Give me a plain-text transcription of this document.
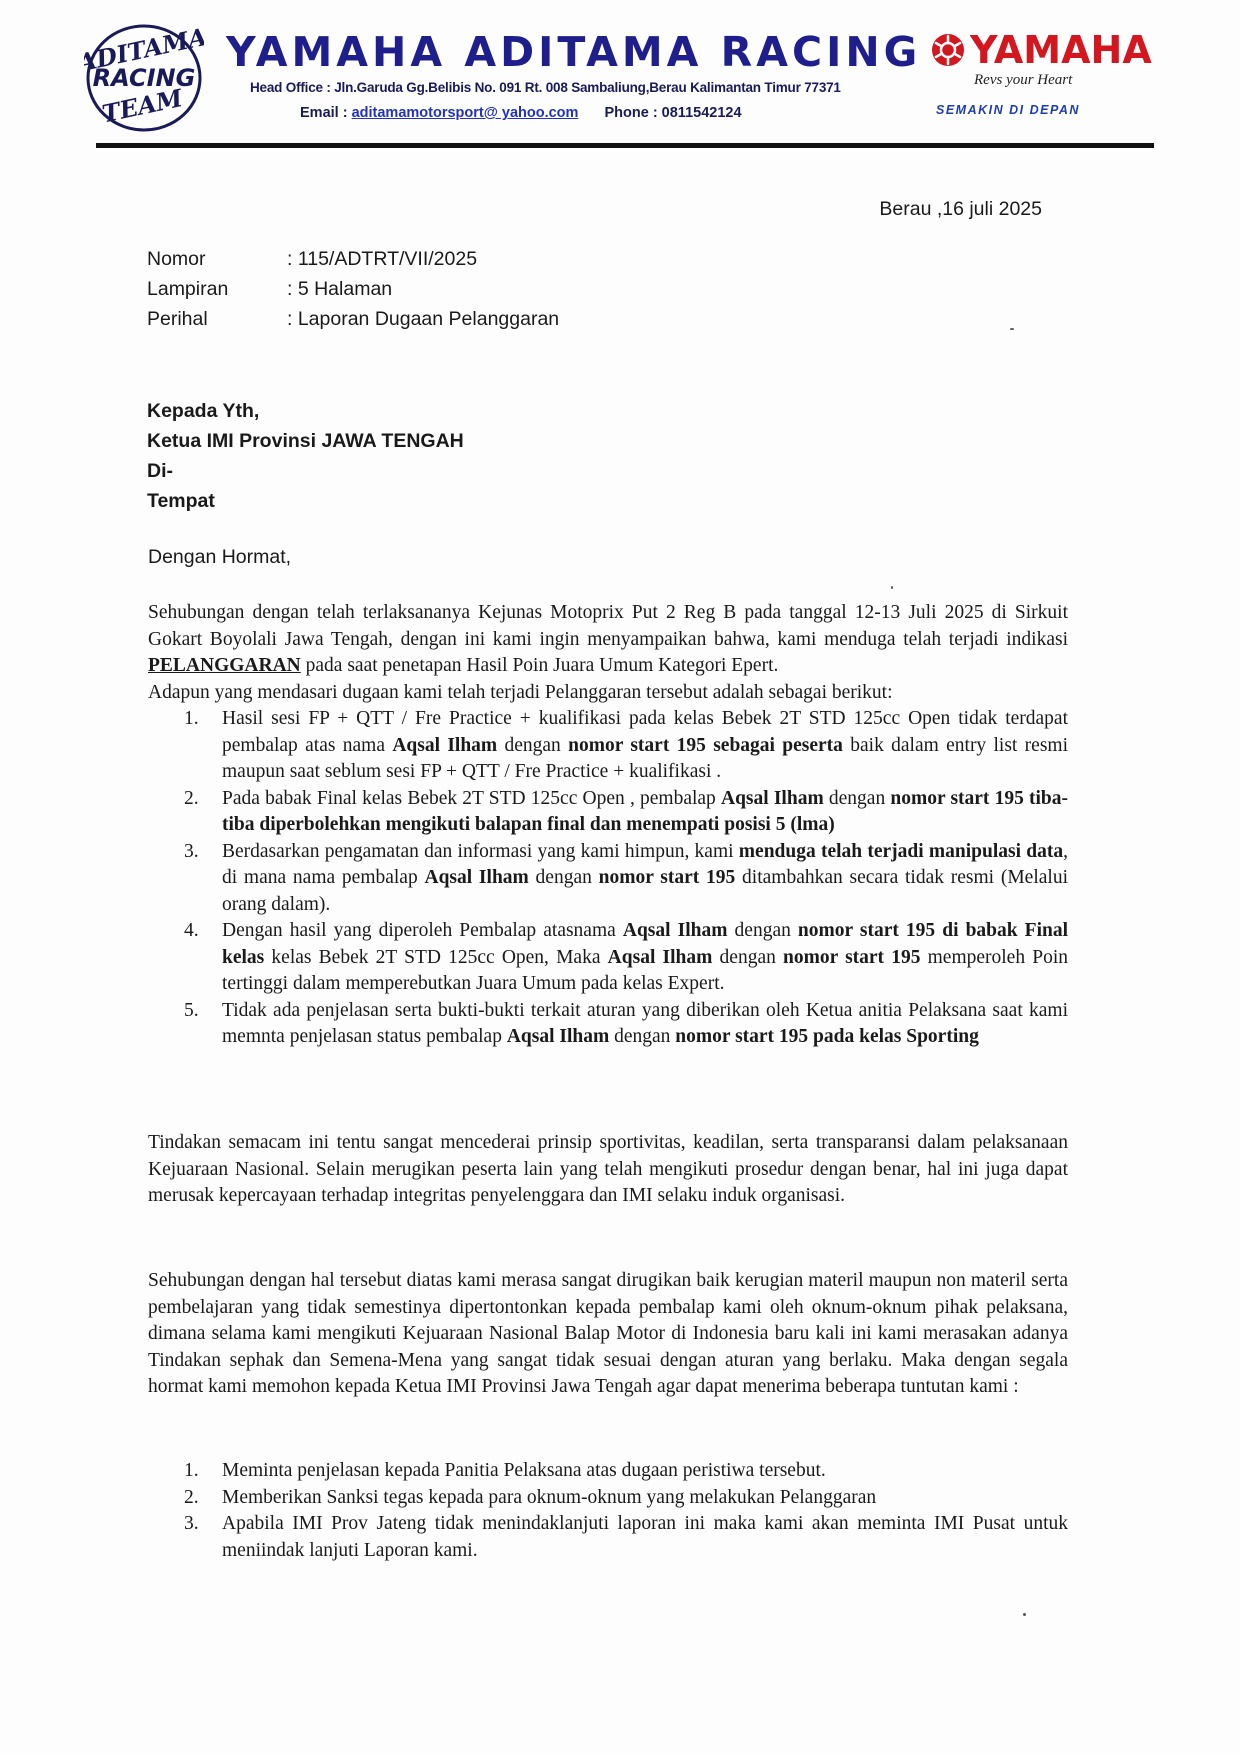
ADITAMA
RACING
TEAM
YAMAHA ADITAMA RACING
Head Office : Jln.Garuda Gg.Belibis No. 091 Rt. 008 Sambaliung,Berau Kalimantan Timur 77371
Email : aditamamotorsport@ yahoo.com Phone : 0811542124
YAMAHA
Revs your Heart
SEMAKIN DI DEPAN
Berau ,16 juli 2025
Nomor	: 115/ADTRT/VII/2025
Lampiran	: 5 Halaman
Perihal	: Laporan Dugaan Pelanggaran
Kepada Yth,
Ketua IMI Provinsi JAWA TENGAH
Di-
Tempat
Dengan Hormat,
Sehubungan dengan telah terlaksananya Kejunas Motoprix Put 2 Reg B pada tanggal 12-13 Juli 2025 di Sirkuit Gokart Boyolali Jawa Tengah, dengan ini kami ingin menyampaikan bahwa, kami menduga telah terjadi indikasi PELANGGARAN pada saat penetapan Hasil Poin Juara Umum Kategori Epert.
Adapun yang mendasari dugaan kami telah terjadi Pelanggaran tersebut adalah sebagai berikut:
1. Hasil sesi FP + QTT / Fre Practice + kualifikasi pada kelas Bebek 2T STD 125cc Open tidak terdapat pembalap atas nama Aqsal Ilham dengan nomor start 195 sebagai peserta baik dalam entry list resmi maupun saat seblum sesi FP + QTT / Fre Practice + kualifikasi .
2. Pada babak Final kelas Bebek 2T STD 125cc Open , pembalap Aqsal Ilham dengan nomor start 195 tiba-tiba diperbolehkan mengikuti balapan final dan menempati posisi 5 (lma)
3. Berdasarkan pengamatan dan informasi yang kami himpun, kami menduga telah terjadi manipulasi data, di mana nama pembalap Aqsal Ilham dengan nomor start 195 ditambahkan secara tidak resmi (Melalui orang dalam).
4. Dengan hasil yang diperoleh Pembalap atasnama Aqsal Ilham dengan nomor start 195 di babak Final kelas kelas Bebek 2T STD 125cc Open, Maka Aqsal Ilham dengan nomor start 195 memperoleh Poin tertinggi dalam memperebutkan Juara Umum pada kelas Expert.
5. Tidak ada penjelasan serta bukti-bukti terkait aturan yang diberikan oleh Ketua anitia Pelaksana saat kami memnta penjelasan status pembalap Aqsal Ilham dengan nomor start 195 pada kelas Sporting
Tindakan semacam ini tentu sangat mencederai prinsip sportivitas, keadilan, serta transparansi dalam pelaksanaan Kejuaraan Nasional. Selain merugikan peserta lain yang telah mengikuti prosedur dengan benar, hal ini juga dapat merusak kepercayaan terhadap integritas penyelenggara dan IMI selaku induk organisasi.
Sehubungan dengan hal tersebut diatas kami merasa sangat dirugikan baik kerugian materil maupun non materil serta pembelajaran yang tidak semestinya dipertontonkan kepada pembalap kami oleh oknum-oknum pihak pelaksana, dimana selama kami mengikuti Kejuaraan Nasional Balap Motor di Indonesia baru kali ini kami merasakan adanya Tindakan sephak dan Semena-Mena yang sangat tidak sesuai dengan aturan yang berlaku. Maka dengan segala hormat kami memohon kepada Ketua IMI Provinsi Jawa Tengah agar dapat menerima beberapa tuntutan kami :
1. Meminta penjelasan kepada Panitia Pelaksana atas dugaan peristiwa tersebut.
2. Memberikan Sanksi tegas kepada para oknum-oknum yang melakukan Pelanggaran
3. Apabila IMI Prov Jateng tidak menindaklanjuti laporan ini maka kami akan meminta IMI Pusat untuk meniindak lanjuti Laporan kami.
